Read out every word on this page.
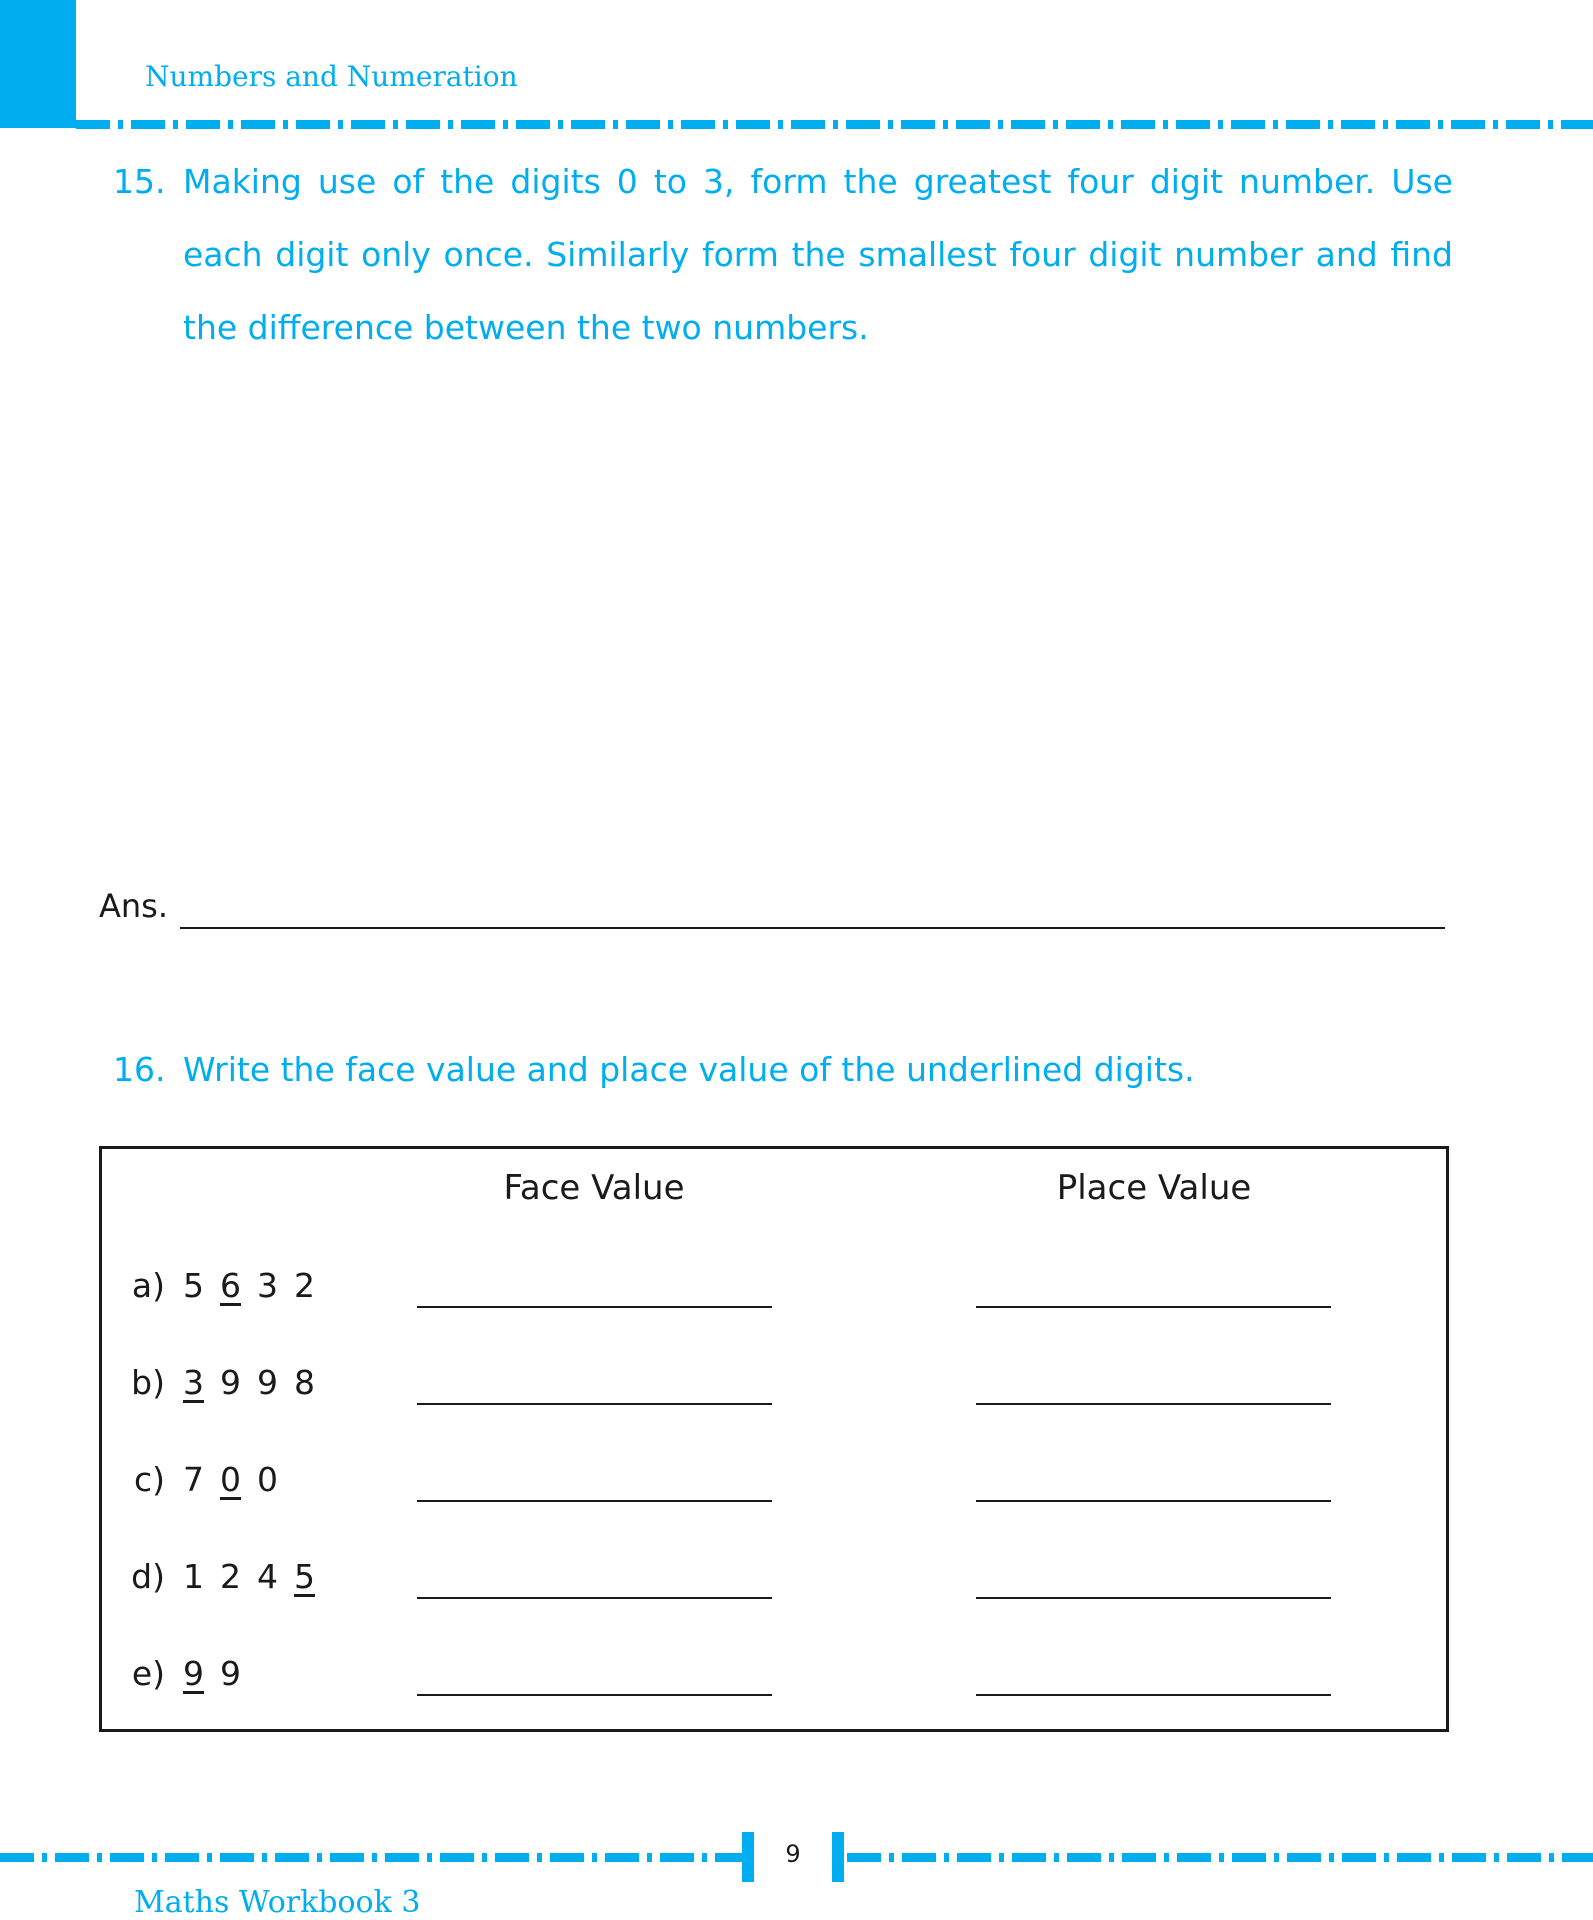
Numbers and Numeration
15. Making use of the digits 0 to 3, form the greatest four digit number. Use each digit only once. Similarly form the smallest four digit number and find the difference between the two numbers.
Ans.
16. Write the face value and place value of the underlined digits.
Face Value	Place Value
a) 5 6 3 2
b) 3 9 9 8
c) 7 0 0
d) 1 2 4 5
e) 9 9
9
Maths Workbook 3
